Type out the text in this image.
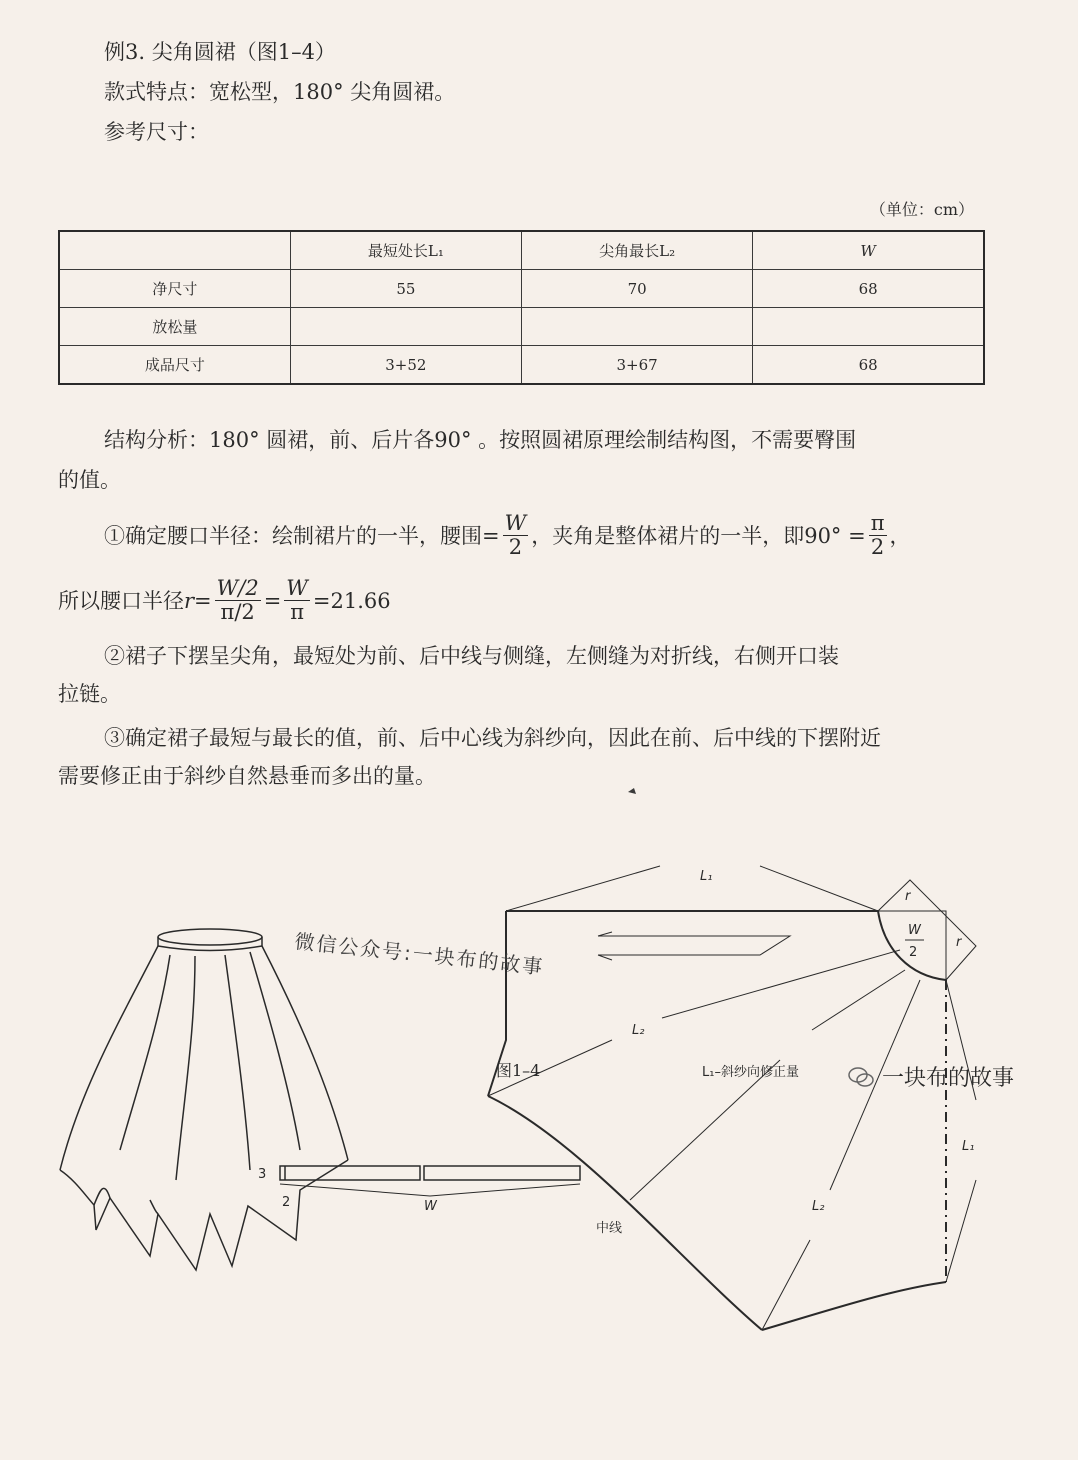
例3. 尖角圆裙（图1–4）
款式特点：宽松型，180° 尖角圆裙。
参考尺寸：
（单位：cm）
	最短处长L₁	尖角最长L₂	W
净尺寸	55	70	68
放松量			
成品尺寸	3+52	3+67	68
结构分析：180° 圆裙，前、后片各90° 。按照圆裙原理绘制结构图，不需要臀围
的值。
①确定腰口半径：绘制裙片的一半，腰围= $\frac{W}{2}$ ，夹角是整体裙片的一半，即$90^\circ = \frac{\pi}{2}$ ，
所以腰口半径 $r = \frac{W/2}{\pi/2} = \frac{W}{\pi} =21.66$
②裙子下摆呈尖角，最短处为前、后中线与侧缝，左侧缝为对折线，右侧开口装
拉链。
③确定裙子最短与最长的值，前、后中心线为斜纱向，因此在前、后中线的下摆附近
需要修正由于斜纱自然悬垂而多出的量。
3
2	W
L₁
L₂
L₂
L₁
r
r
W
2
L₁–斜纱向修正量
中线
微信公众号:一块布的故事
图1–4	一块布的故事
